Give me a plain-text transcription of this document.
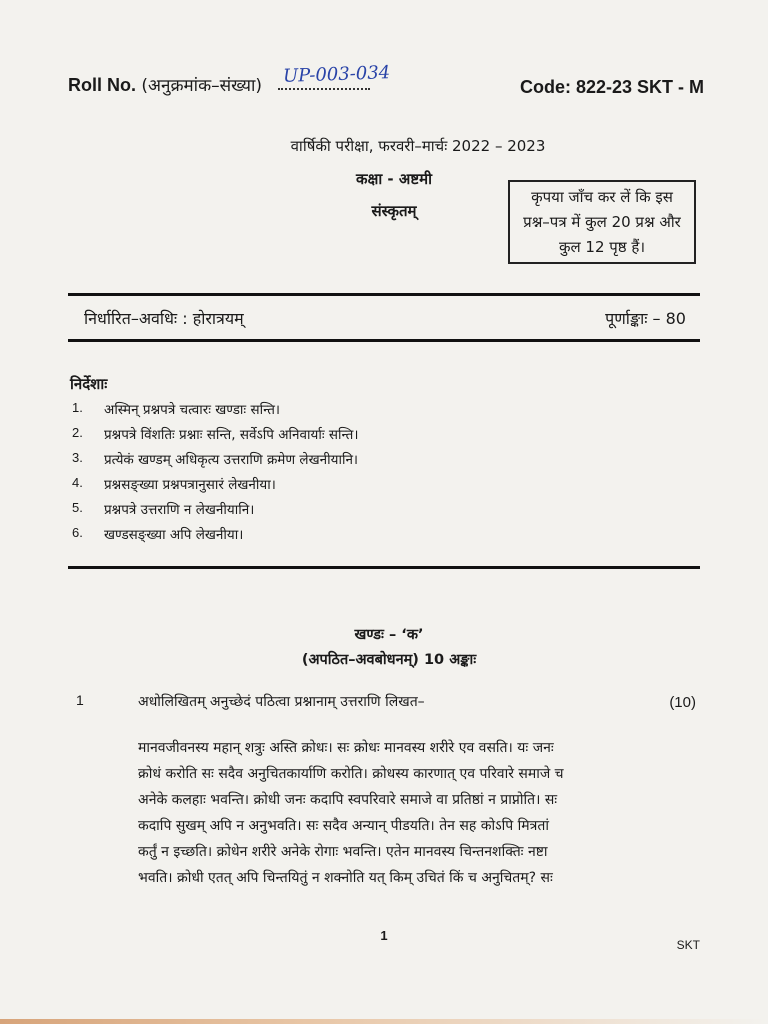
Roll No. (अनुक्रमांक–संख्या) UP-003-034
Code: 822-23 SKT - M
वार्षिकी परीक्षा, फरवरी–मार्चः 2022 – 2023
कक्षा - अष्टमी
संस्कृतम्
कृपया जाँच कर लें कि इस प्रश्न–पत्र में कुल 20 प्रश्न और कुल 12 पृष्ठ हैं।
निर्धारित–अवधिः : होरात्रयम्	पूर्णाङ्काः – 80
निर्देशाः
1.	अस्मिन् प्रश्नपत्रे चत्वारः खण्डाः सन्ति।
2.	प्रश्नपत्रे विंशतिः प्रश्नाः सन्ति, सर्वेऽपि अनिवार्याः सन्ति।
3.	प्रत्येकं खण्डम् अधिकृत्य उत्तराणि क्रमेण लेखनीयानि।
4.	प्रश्नसङ्ख्या प्रश्नपत्रानुसारं लेखनीया।
5.	प्रश्नपत्रे उत्तराणि न लेखनीयानि।
6.	खण्डसङ्ख्या अपि लेखनीया।
खण्डः – ‘क’
(अपठित–अवबोधनम्) 10 अङ्काः
1	अधोलिखितम् अनुच्छेदं पठित्वा प्रश्नानाम् उत्तराणि लिखत–	(10)
मानवजीवनस्य महान् शत्रुः अस्ति क्रोधः। सः क्रोधः मानवस्य शरीरे एव वसति। यः जनः
क्रोधं करोति सः सदैव अनुचितकार्याणि करोति। क्रोधस्य कारणात् एव परिवारे समाजे च
अनेके कलहाः भवन्ति। क्रोधी जनः कदापि स्वपरिवारे समाजे वा प्रतिष्ठां न प्राप्नोति। सः
कदापि सुखम् अपि न अनुभवति। सः सदैव अन्यान् पीडयति। तेन सह कोऽपि मित्रतां
कर्तुं न इच्छति। क्रोधेन शरीरे अनेके रोगाः भवन्ति। एतेन मानवस्य चिन्तनशक्तिः नष्टा
भवति। क्रोधी एतत् अपि चिन्तयितुं न शक्नोति यत् किम् उचितं किं च अनुचितम्? सः
1
SKT
